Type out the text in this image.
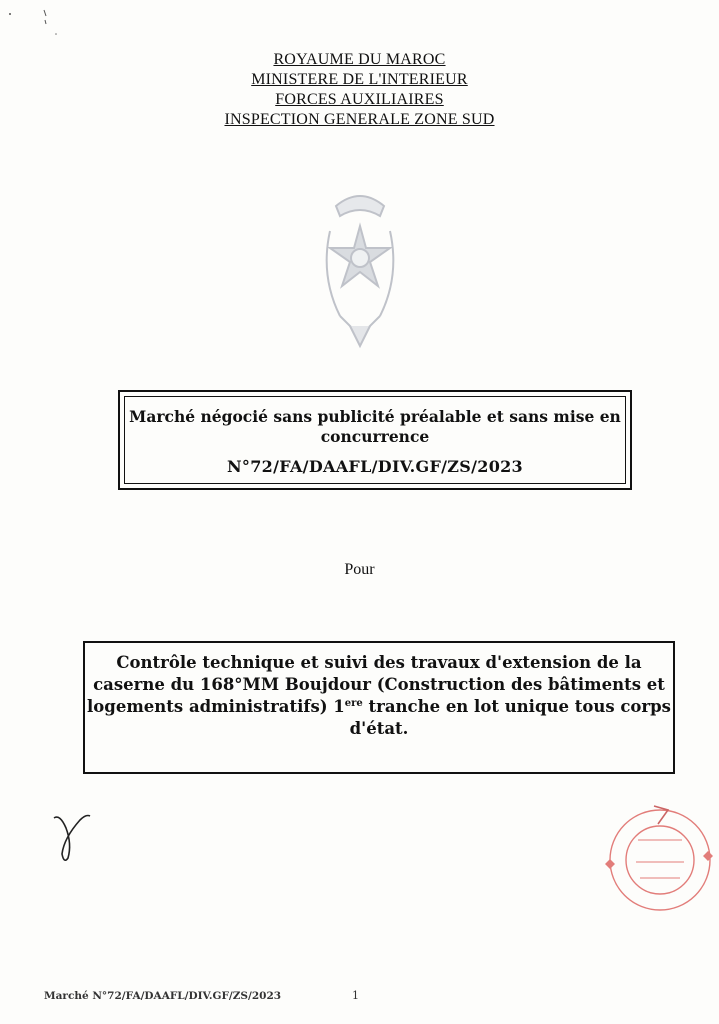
ROYAUME DU MAROC
MINISTERE DE L'INTERIEUR
FORCES AUXILIAIRES
INSPECTION GENERALE ZONE SUD
Marché négocié sans publicité préalable et sans mise en concurrence
N°72/FA/DAAFL/DIV.GF/ZS/2023
Pour
Contrôle technique et suivi des travaux d'extension de la caserne du 168°MM Boujdour (Construction des bâtiments et logements administratifs) 1ere tranche en lot unique tous corps d'état.
Marché N°72/FA/DAAFL/DIV.GF/ZS/2023	1
